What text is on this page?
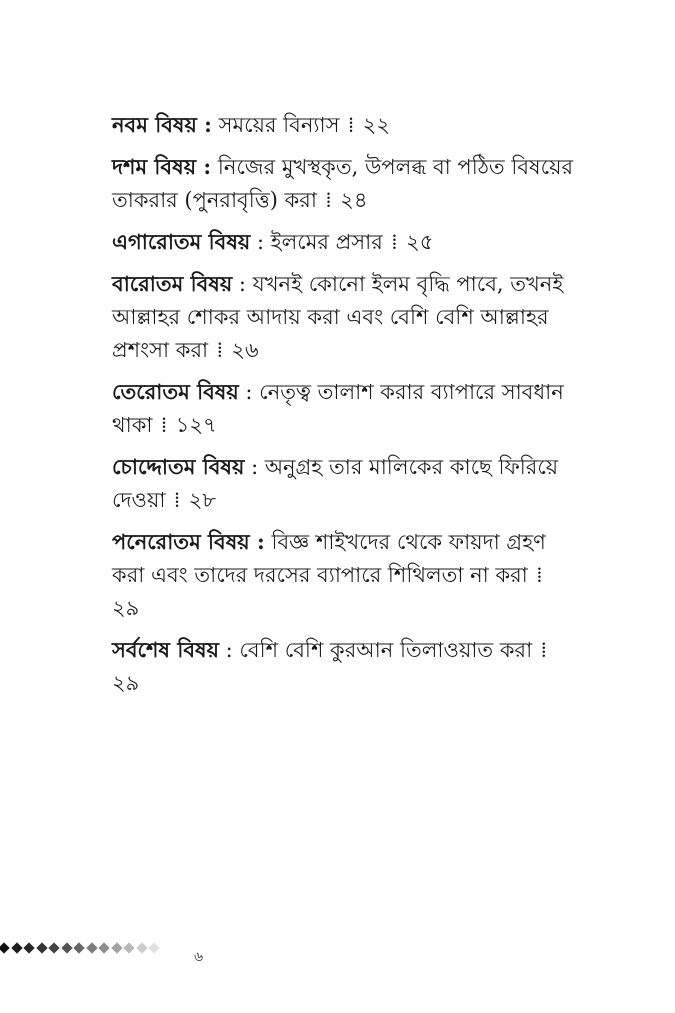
নবম বিষয় : সময়ের বিন্যাস ⁞ ২২
দশম বিষয় : নিজের মুখস্থকৃত, উপলব্ধ বা পঠিত বিষয়ের তাকরার (পুনরাবৃত্তি) করা ⁞ ২৪
এগারোতম বিষয় : ইলমের প্রসার ⁞ ২৫
বারোতম বিষয় : যখনই কোনো ইলম বৃদ্ধি পাবে, তখনই আল্লাহর শোকর আদায় করা এবং বেশি বেশি আল্লাহর প্রশংসা করা ⁞ ২৬
তেরোতম বিষয় : নেতৃত্ব তালাশ করার ব্যাপারে সাবধান থাকা ⁞ ১২৭
চোদ্দোতম বিষয় : অনুগ্রহ তার মালিকের কাছে ফিরিয়ে দেওয়া ⁞ ২৮
পনেরোতম বিষয় : বিজ্ঞ শাইখদের থেকে ফায়দা গ্রহণ করা এবং তাদের দরসের ব্যাপারে শিথিলতা না করা ⁞ ২৯
সর্বশেষ বিষয় : বেশি বেশি কুরআন তিলাওয়াত করা ⁞ ২৯
৬
